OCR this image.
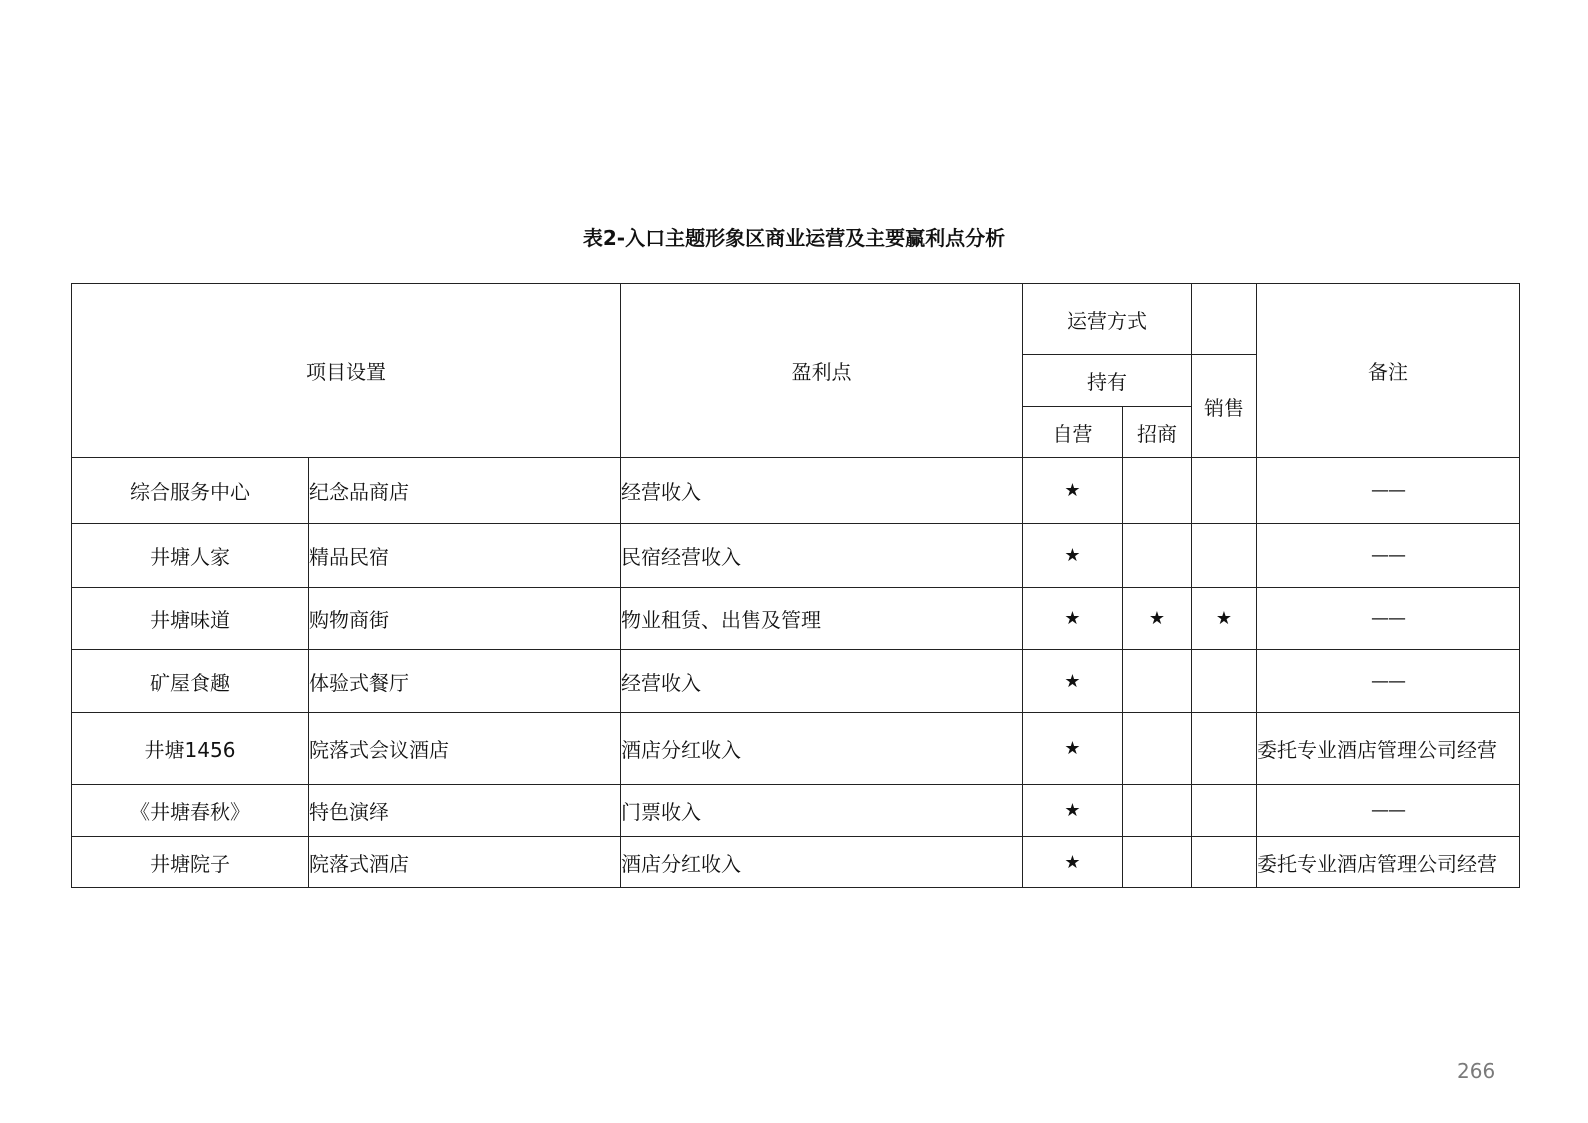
表2-入口主题形象区商业运营及主要赢利点分析
项目设置		盈利点	运营方式			备注
			持有		销售	
			自营	招商		
综合服务中心	纪念品商店	经营收入	★			——
井塘人家	精品民宿	民宿经营收入	★			——
井塘味道	购物商街	物业租赁、出售及管理	★	★	★	——
矿屋食趣	体验式餐厅	经营收入	★			——
井塘1456	院落式会议酒店	酒店分红收入	★			委托专业酒店管理公司经营
《井塘春秋》	特色演绎	门票收入	★			——
井塘院子	院落式酒店	酒店分红收入	★			委托专业酒店管理公司经营
266
